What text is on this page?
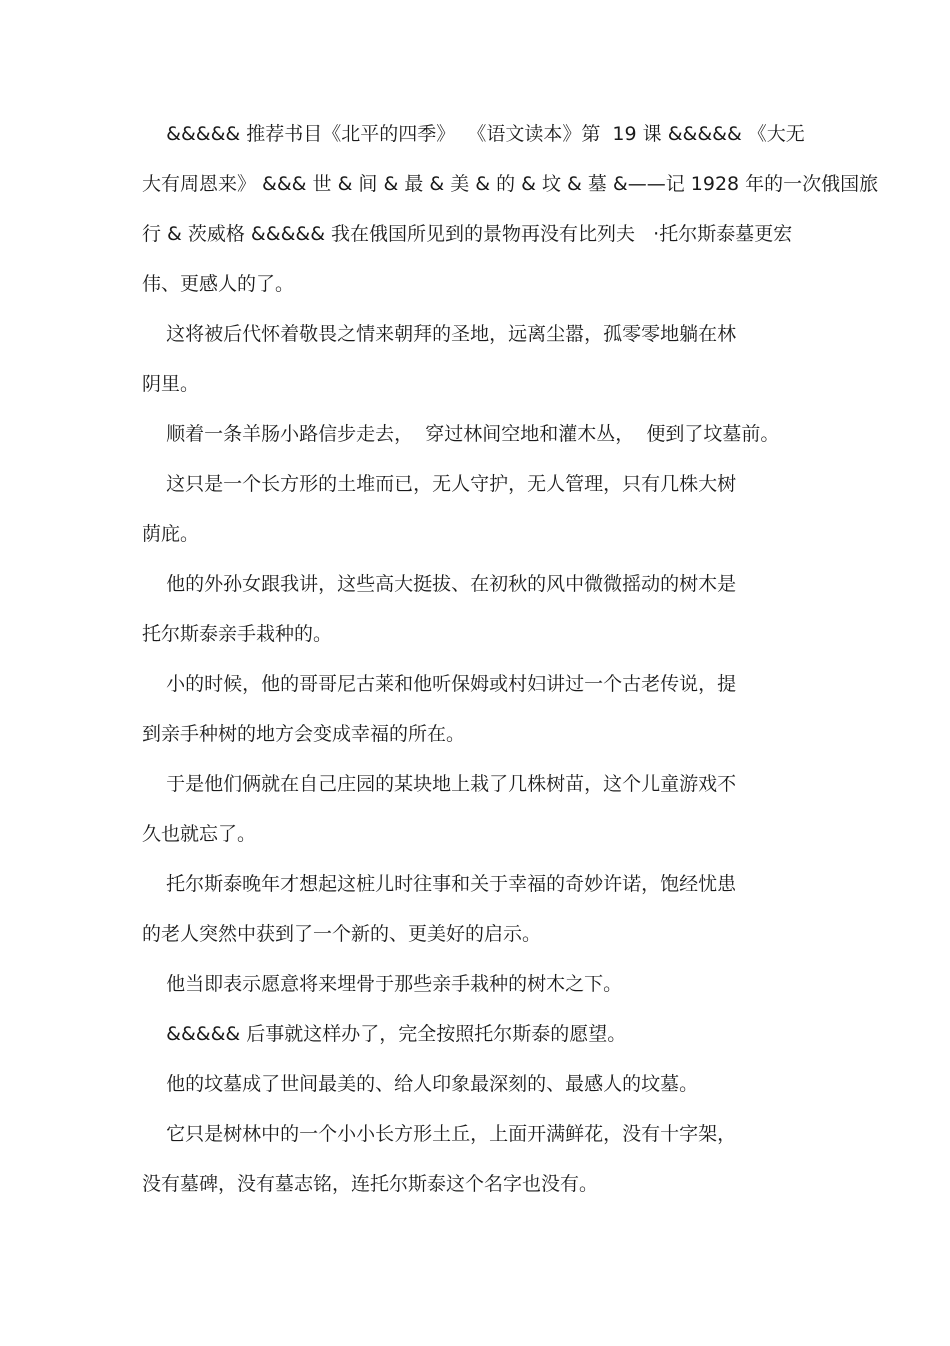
&&&&& 推荐书目《北平的四季》  《语文读本》第  19 课 &&&&& 《大无
大有周恩来》 &&& 世 & 间 & 最 & 美 & 的 & 坟 & 墓 &——记 1928 年的一次俄国旅
行 & 茨威格 &&&&& 我在俄国所见到的景物再没有比列夫   ·托尔斯泰墓更宏
伟、更感人的了。
这将被后代怀着敬畏之情来朝拜的圣地，远离尘嚣，孤零零地躺在林
阴里。
顺着一条羊肠小路信步走去，  穿过林间空地和灌木丛，  便到了坟墓前。
这只是一个长方形的土堆而已，无人守护，无人管理，只有几株大树
荫庇。
他的外孙女跟我讲，这些高大挺拔、在初秋的风中微微摇动的树木是
托尔斯泰亲手栽种的。
小的时候，他的哥哥尼古莱和他听保姆或村妇讲过一个古老传说，提
到亲手种树的地方会变成幸福的所在。
于是他们俩就在自己庄园的某块地上栽了几株树苗，这个儿童游戏不
久也就忘了。
托尔斯泰晚年才想起这桩儿时往事和关于幸福的奇妙许诺，饱经忧患
的老人突然中获到了一个新的、更美好的启示。
他当即表示愿意将来埋骨于那些亲手栽种的树木之下。
&&&&& 后事就这样办了，完全按照托尔斯泰的愿望。
他的坟墓成了世间最美的、给人印象最深刻的、最感人的坟墓。
它只是树林中的一个小小长方形土丘，上面开满鲜花，没有十字架，
没有墓碑，没有墓志铭，连托尔斯泰这个名字也没有。
